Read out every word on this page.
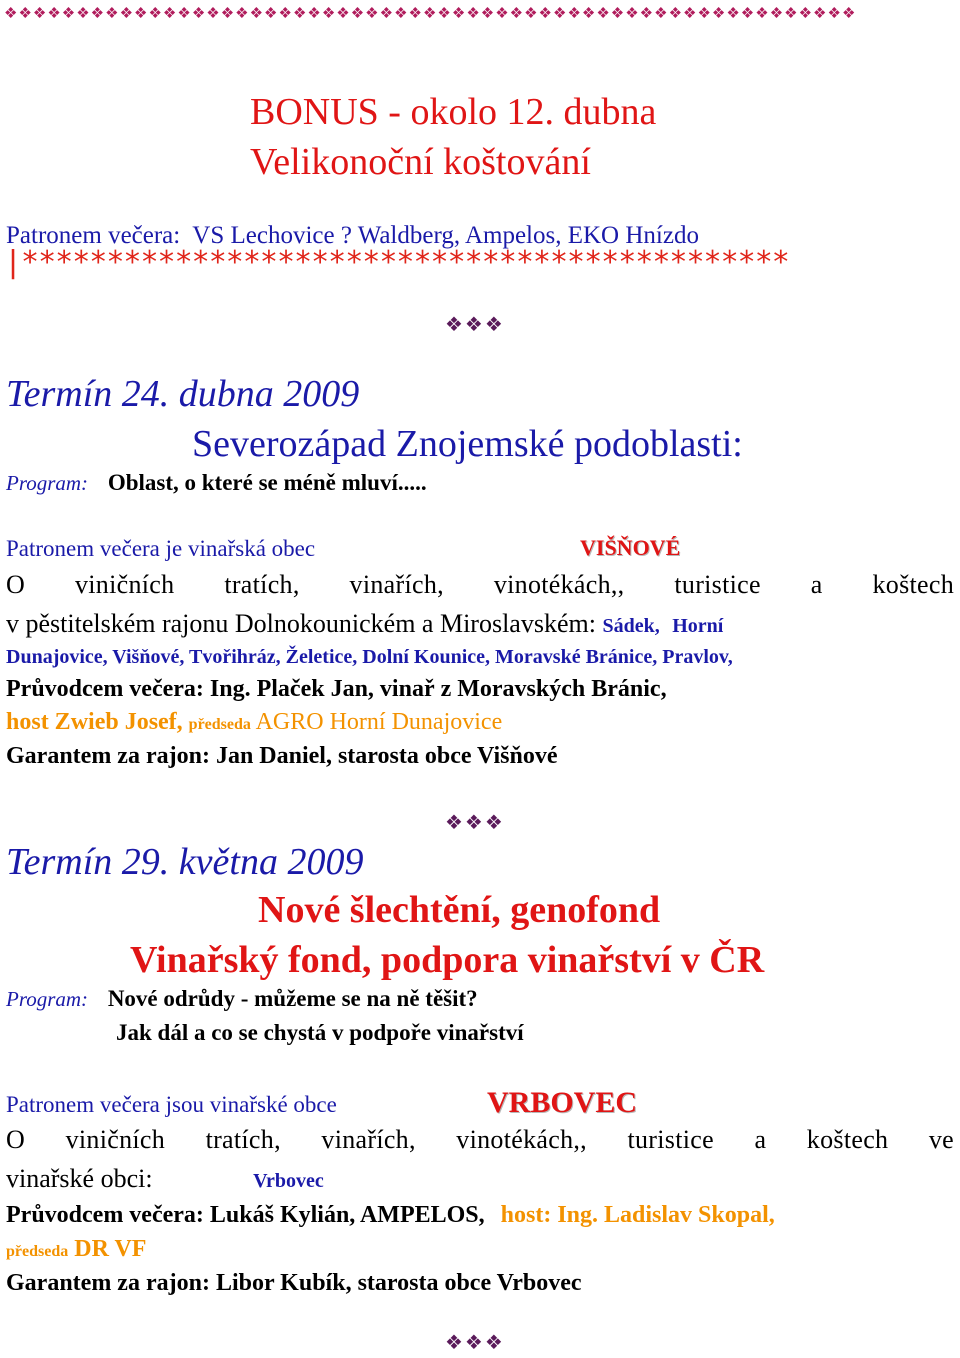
❖❖❖❖❖❖❖❖❖❖❖❖❖❖❖❖❖❖❖❖❖❖❖❖❖❖❖❖❖❖❖❖❖❖❖❖❖❖❖❖❖❖❖❖❖❖❖❖❖❖❖❖❖❖❖❖❖❖❖
BONUS - okolo 12. dubna
Velikonoční koštování
Patronem večera: VS Lechovice ? Waldberg, Ampelos, EKO Hnízdo
|*********************************************
❖❖❖
Termín 24. dubna 2009
Severozápad Znojemské podoblasti:
Program: Oblast, o které se méně mluví.....
Patronem večera je vinařská obec	VIŠŇOVÉ
O viničních tratích, vinařích, vinotékách,, turistice a koštech
v pěstitelském rajonu Dolnokounickém a Miroslavském: Sádek, Horní
Dunajovice, Višňové, Tvořihráz, Želetice, Dolní Kounice, Moravské Bránice, Pravlov,
Průvodcem večera: Ing. Plaček Jan, vinař z Moravských Bránic,
host Zwieb Josef, předseda AGRO Horní Dunajovice
Garantem za rajon: Jan Daniel, starosta obce Višňové
❖❖❖
Termín 29. května 2009
Nové šlechtění, genofond
Vinařský fond, podpora vinařství v ČR
Program: Nové odrůdy - můžeme se na ně těšit?
Jak dál a co se chystá v podpoře vinařství
Patronem večera jsou vinařské obce	VRBOVEC
O viničních tratích, vinařích, vinotékách,, turistice a koštech ve
vinařské obci:	Vrbovec
Průvodcem večera: Lukáš Kylián, AMPELOS, host: Ing. Ladislav Skopal,
předseda DR VF
Garantem za rajon: Libor Kubík, starosta obce Vrbovec
❖❖❖
